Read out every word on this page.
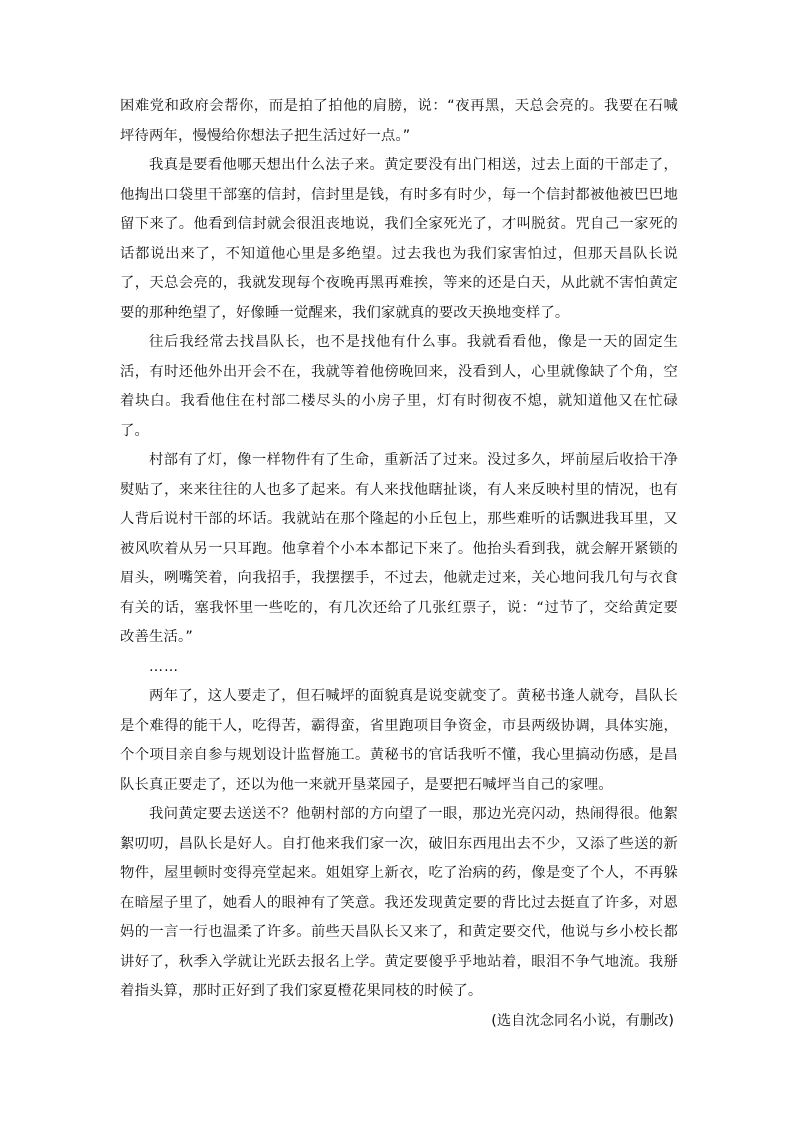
困难党和政府会帮你，而是拍了拍他的肩膀，说：“夜再黑，天总会亮的。我要在石喊坪待两年，慢慢给你想法子把生活过好一点。”

我真是要看他哪天想出什么法子来。黄定要没有出门相送，过去上面的干部走了，他掏出口袋里干部塞的信封，信封里是钱，有时多有时少，每一个信封都被他被巴巴地留下来了。他看到信封就会很沮丧地说，我们全家死光了，才叫脱贫。咒自己一家死的话都说出来了，不知道他心里是多绝望。过去我也为我们家害怕过，但那天昌队长说了，天总会亮的，我就发现每个夜晚再黑再难挨，等来的还是白天，从此就不害怕黄定要的那种绝望了，好像睡一觉醒来，我们家就真的要改天换地变样了。

往后我经常去找昌队长，也不是找他有什么事。我就看看他，像是一天的固定生活，有时还他外出开会不在，我就等着他傍晚回来，没看到人，心里就像缺了个角，空着块白。我看他住在村部二楼尽头的小房子里，灯有时彻夜不熄，就知道他又在忙碌了。

村部有了灯，像一样物件有了生命，重新活了过来。没过多久，坪前屋后收拾干净熨贴了，来来往往的人也多了起来。有人来找他瞎扯谈，有人来反映村里的情况，也有人背后说村干部的坏话。我就站在那个隆起的小丘包上，那些难听的话飘进我耳里，又被风吹着从另一只耳跑。他拿着个小本本都记下来了。他抬头看到我，就会解开紧锁的眉头，咧嘴笑着，向我招手，我摆摆手，不过去，他就走过来，关心地问我几句与衣食有关的话，塞我怀里一些吃的，有几次还给了几张红票子，说：“过节了，交给黄定要改善生活。”

……

两年了，这人要走了，但石喊坪的面貌真是说变就变了。黄秘书逢人就夸，昌队长是个难得的能干人，吃得苦，霸得蛮，省里跑项目争资金，市县两级协调，具体实施，个个项目亲自参与规划设计监督施工。黄秘书的官话我听不懂，我心里搞动伤感，是昌队长真正要走了，还以为他一来就开垦菜园子，是要把石喊坪当自己的家哩。

我问黄定要去送送不？他朝村部的方向望了一眼，那边光亮闪动，热闹得很。他絮絮叨叨，昌队长是好人。自打他来我们家一次，破旧东西甩出去不少，又添了些送的新物件，屋里顿时变得亮堂起来。姐姐穿上新衣，吃了治病的药，像是变了个人，不再躲在暗屋子里了，她看人的眼神有了笑意。我还发现黄定要的背比过去挺直了许多，对恩妈的一言一行也温柔了许多。前些天昌队长又来了，和黄定要交代，他说与乡小校长都讲好了，秋季入学就让光跃去报名上学。黄定要傻乎乎地站着，眼泪不争气地流。我掰着指头算，那时正好到了我们家夏橙花果同枝的时候了。

(选自沈念同名小说，有删改)
